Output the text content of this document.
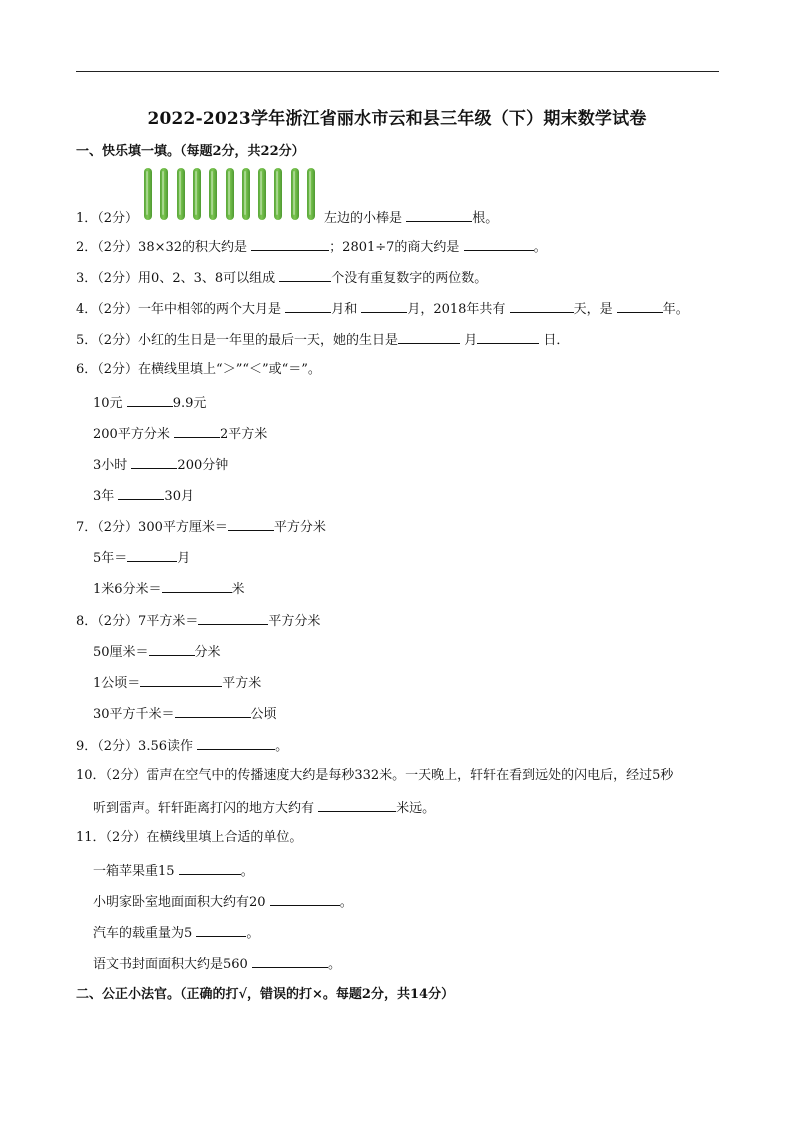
2022-2023学年浙江省丽水市云和县三年级（下）期末数学试卷
一、快乐填一填。（每题2分，共22分）
1．（2分）	左边的小棒是	根。
2．（2分）38×32的积大约是	；2801÷7的商大约是	。
3．（2分）用0、2、3、8可以组成	个没有重复数字的两位数。
4．（2分）一年中相邻的两个大月是	月和	月，2018年共有	天，是	年。
5．（2分）小红的生日是一年里的最后一天，她的生日是	月	日．
6．（2分）在横线里填上“＞”“＜”或“＝”。
10元	9.9元
200平方分米	2平方米
3小时	200分钟
3年	30月
7．（2分）300平方厘米＝	平方分米
5年＝	月
1米6分米＝	米
8．（2分）7平方米＝	平方分米
50厘米＝	分米
1公顷＝	平方米
30平方千米＝	公顷
9．（2分）3.56读作	。
10．（2分）雷声在空气中的传播速度大约是每秒332米。一天晚上，轩轩在看到远处的闪电后，经过5秒
听到雷声。轩轩距离打闪的地方大约有	米远。
11．（2分）在横线里填上合适的单位。
一箱苹果重15	。
小明家卧室地面面积大约有20	。
汽车的载重量为5	。
语文书封面面积大约是560	。
二、公正小法官。（正确的打√，错误的打×。每题2分，共14分）
